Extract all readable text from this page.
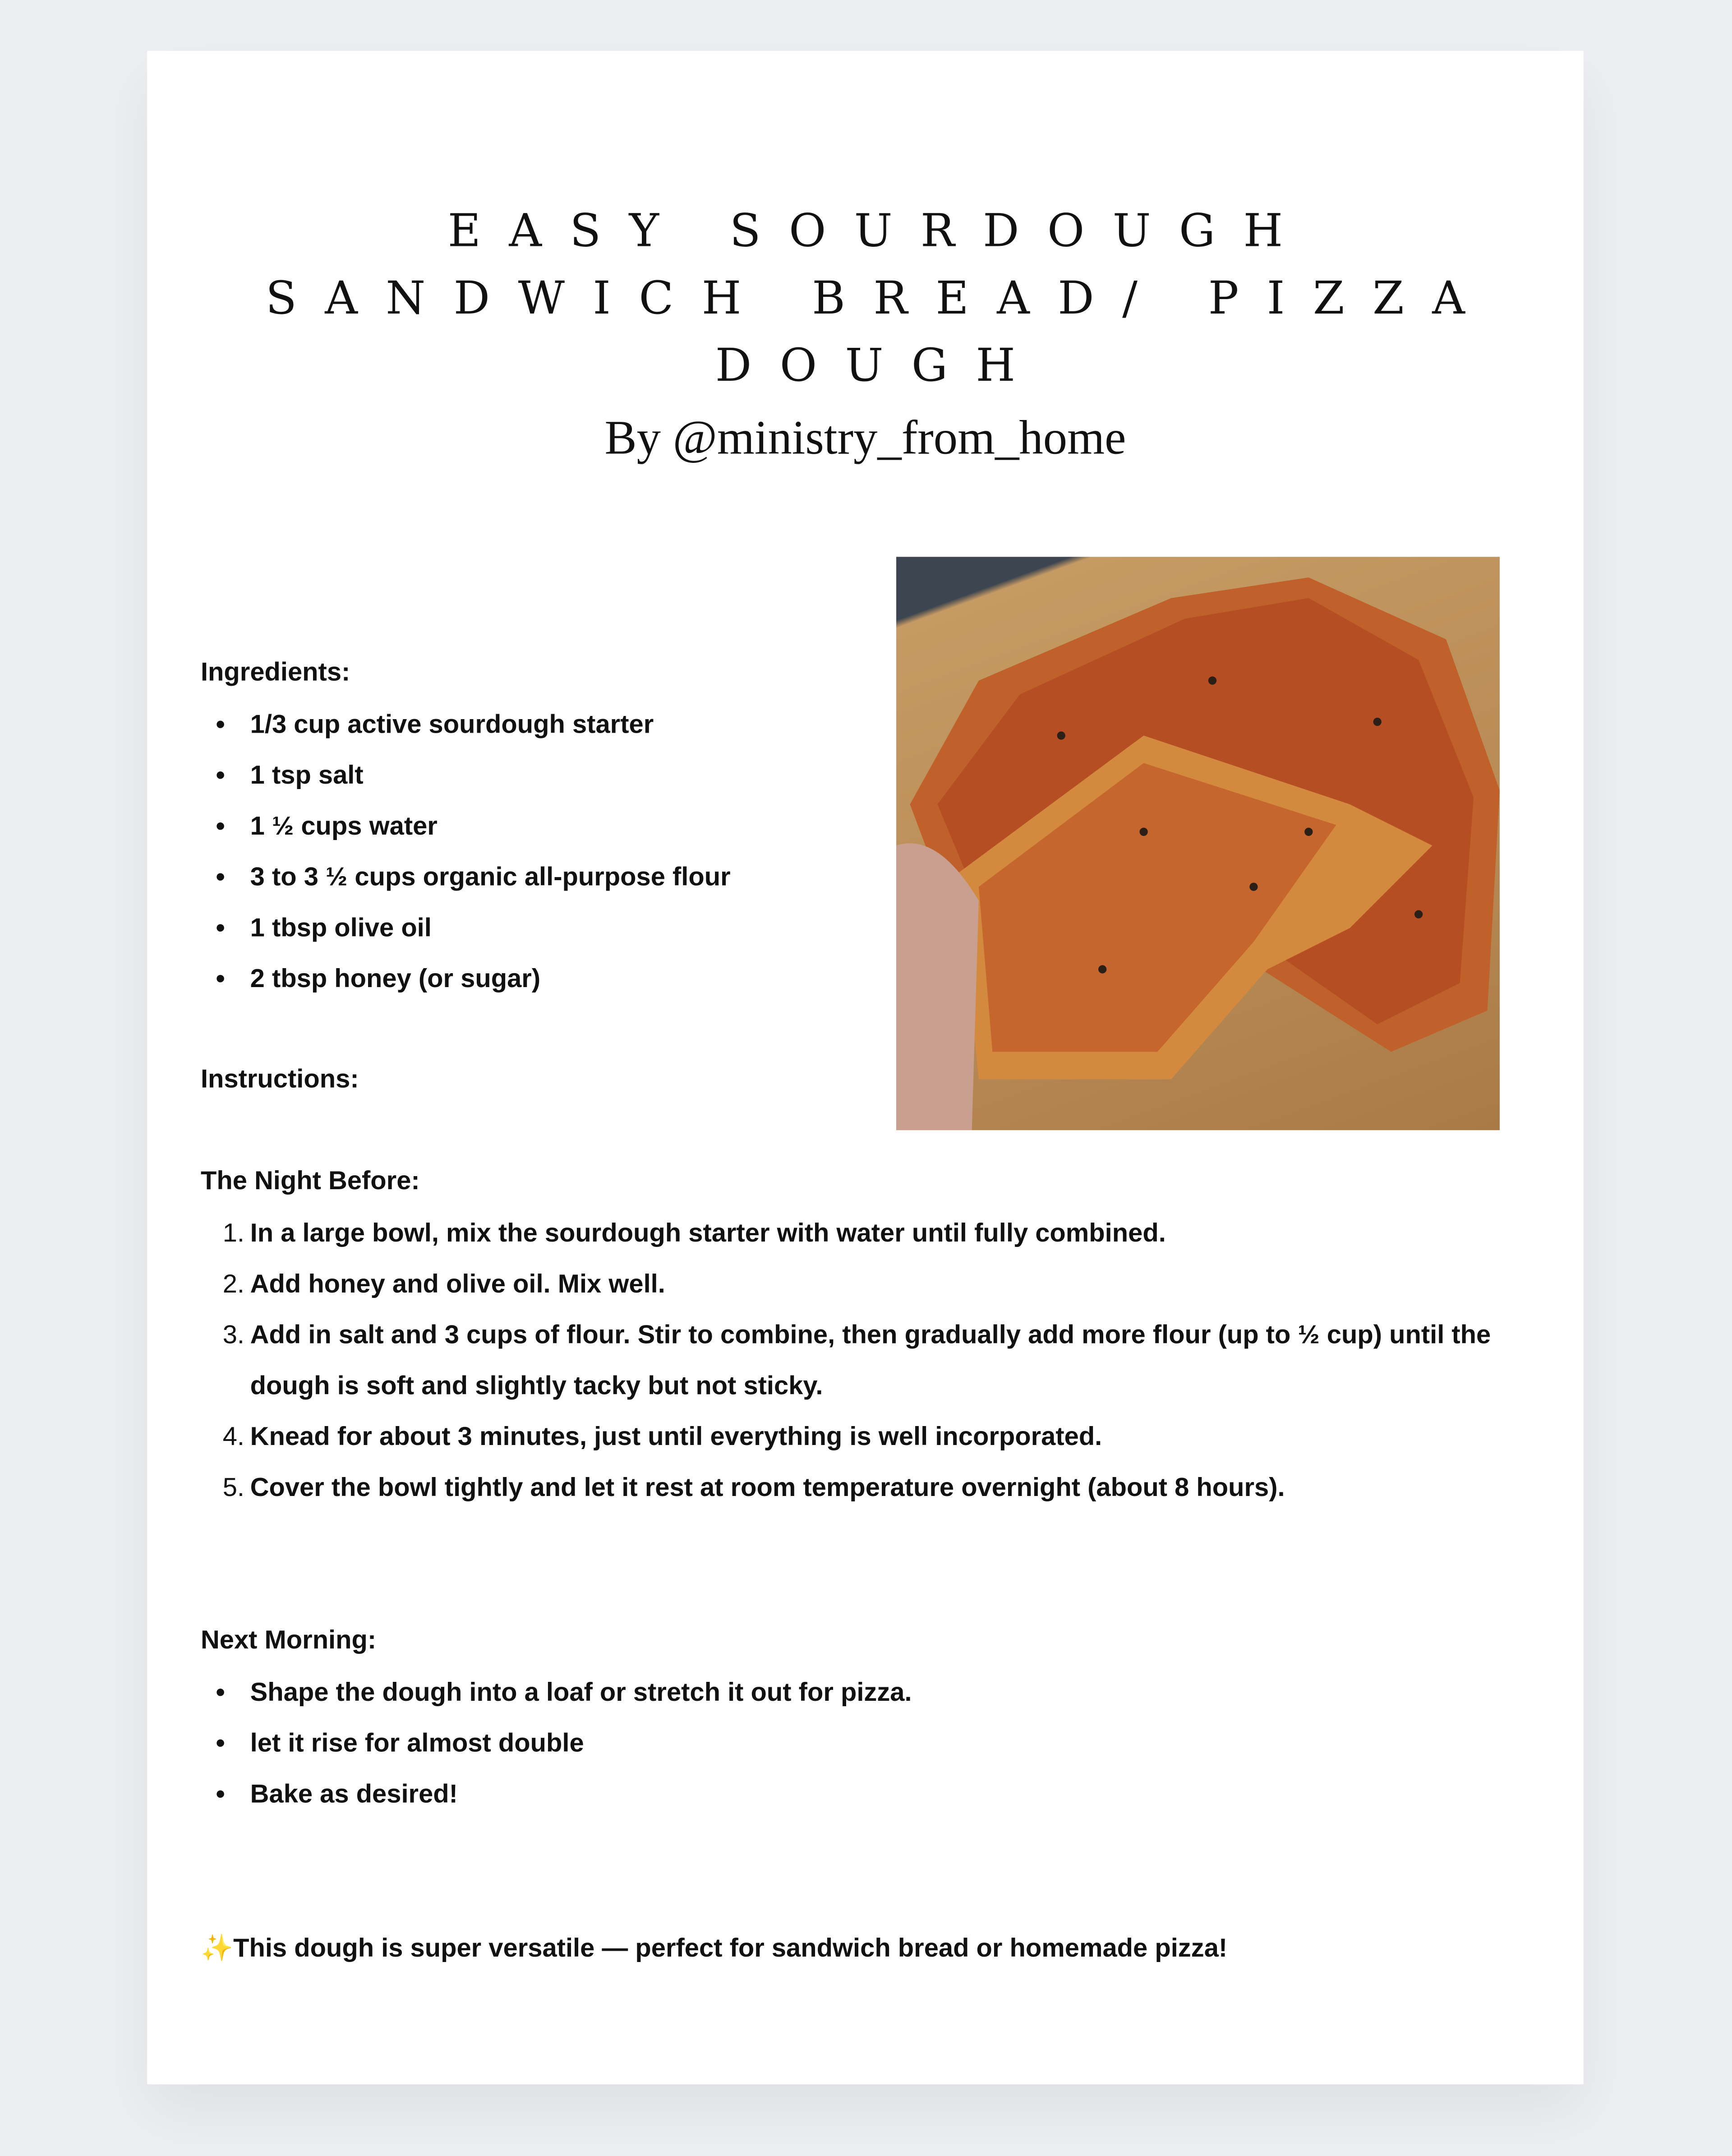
EASY SOURDOUGH
SANDWICH BREAD/ PIZZA
DOUGH
By @ministry_from_home
Ingredients:
• 1/3 cup active sourdough starter
• 1 tsp salt
• 1 ½ cups water
• 3 to 3 ½ cups organic all-purpose flour
• 1 tbsp olive oil
• 2 tbsp honey (or sugar)
Instructions:
The Night Before:
1. In a large bowl, mix the sourdough starter with water until fully combined.
2. Add honey and olive oil. Mix well.
3. Add in salt and 3 cups of flour. Stir to combine, then gradually add more flour (up to ½ cup) until the dough is soft and slightly tacky but not sticky.
4. Knead for about 3 minutes, just until everything is well incorporated.
5. Cover the bowl tightly and let it rest at room temperature overnight (about 8 hours).
Next Morning:
• Shape the dough into a loaf or stretch it out for pizza.
• let it rise for almost double
• Bake as desired!
✨This dough is super versatile — perfect for sandwich bread or homemade pizza!
